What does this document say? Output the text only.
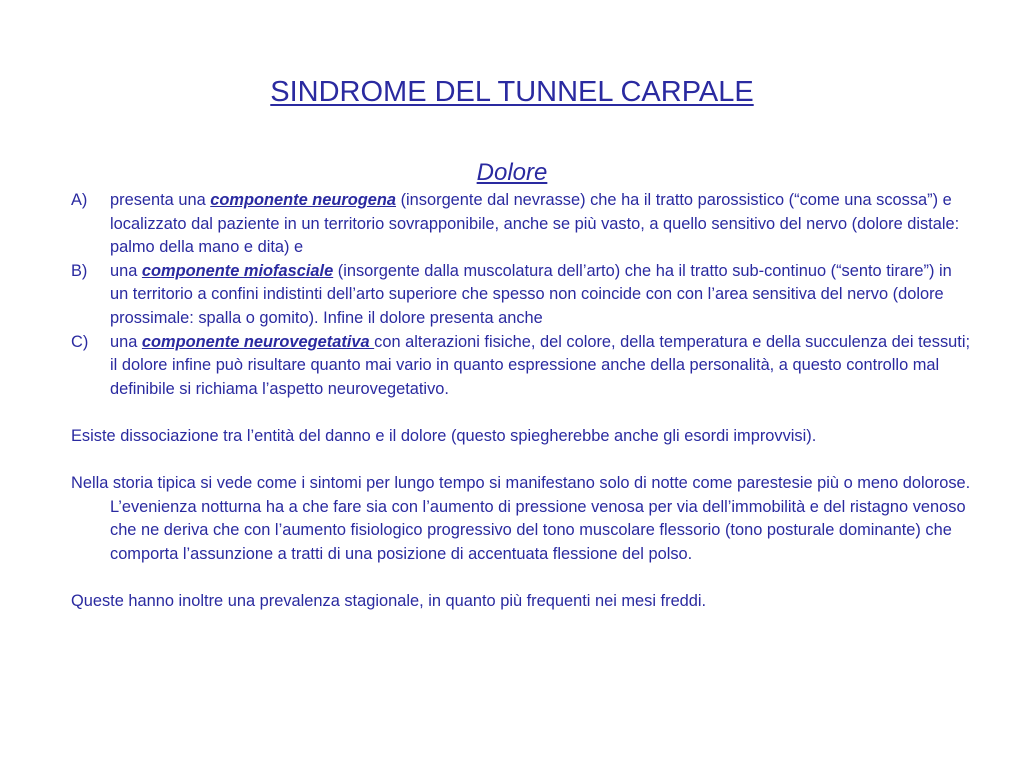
SINDROME DEL TUNNEL CARPALE
Dolore
A) presenta una componente neurogena (insorgente dal nevrasse) che ha il tratto parossistico (“come una scossa”) e localizzato dal paziente in un territorio sovrapponibile, anche se più vasto, a quello sensitivo del nervo (dolore distale: palmo della mano e dita) e
B) una componente miofasciale (insorgente dalla muscolatura dell’arto) che ha il tratto sub-continuo (“sento tirare”) in un territorio a confini indistinti dell’arto superiore che spesso non coincide con con l’area sensitiva del nervo (dolore prossimale: spalla o gomito). Infine il dolore presenta anche
C) una componente neurovegetativa con alterazioni fisiche, del colore, della temperatura e della succulenza dei tessuti; il dolore infine può risultare quanto mai vario in quanto espressione anche della personalità, a questo controllo mal definibile si richiama l’aspetto neurovegetativo.
Esiste dissociazione tra l’entità del danno e il dolore (questo spiegherebbe anche gli esordi improvvisi).
Nella storia tipica si vede come i sintomi per lungo tempo si manifestano solo di notte come parestesie più o meno dolorose. L’evenienza notturna ha a che fare sia con l’aumento di pressione venosa per via dell’immobilità e del ristagno venoso che ne deriva che con l’aumento fisiologico progressivo del tono muscolare flessorio (tono posturale dominante) che comporta l’assunzione a tratti di una posizione di accentuata flessione del polso.
Queste hanno inoltre una prevalenza stagionale, in quanto più frequenti nei mesi freddi.
